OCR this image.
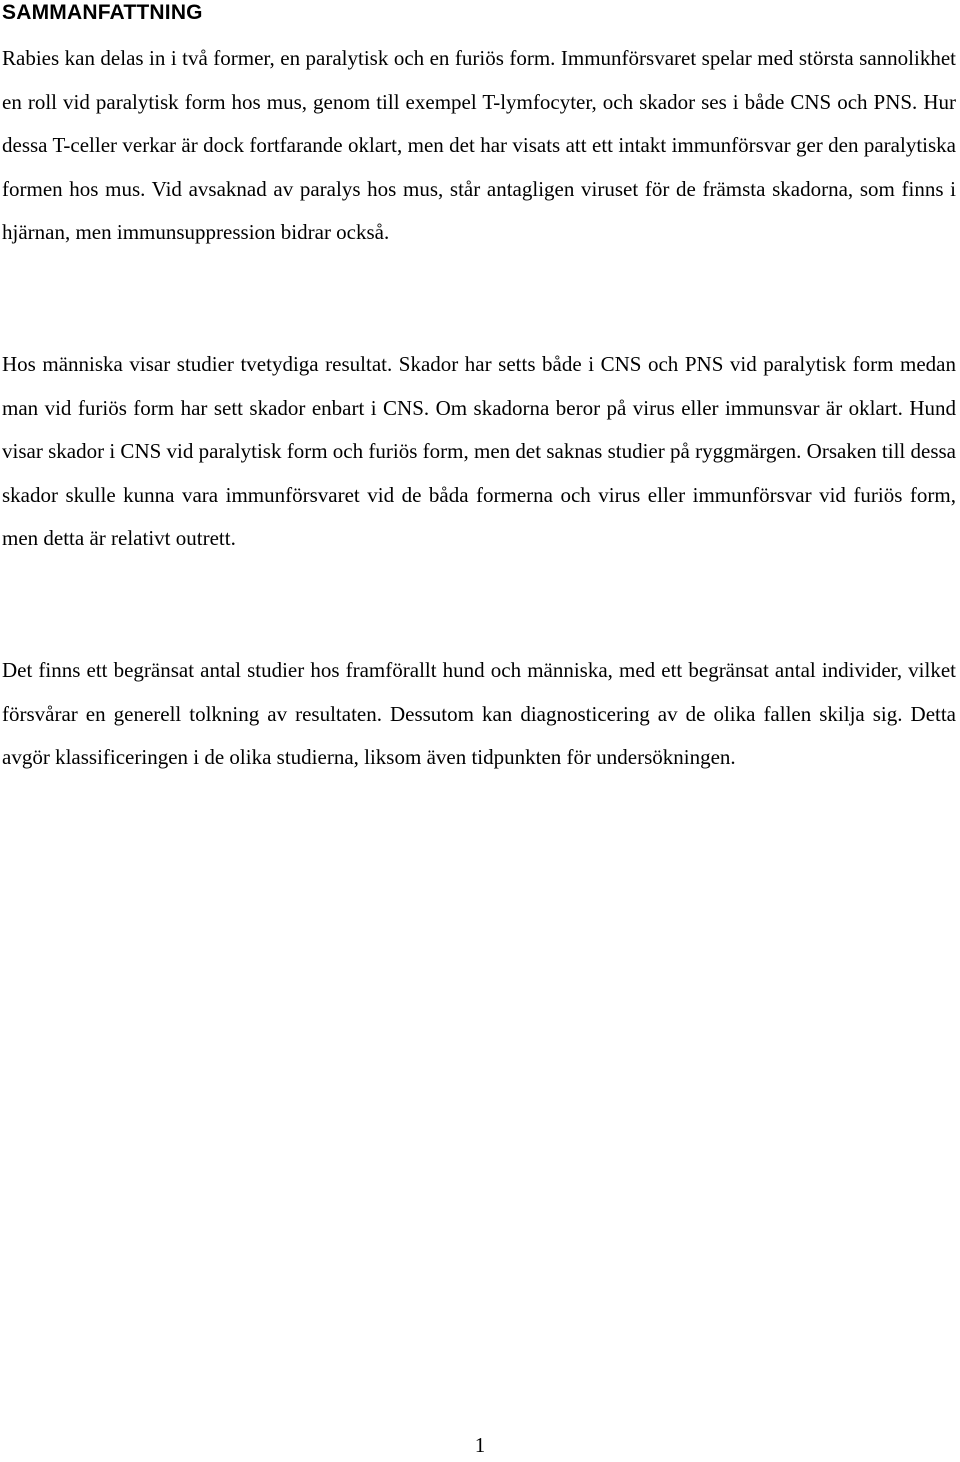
SAMMANFATTNING

Rabies kan delas in i två former, en paralytisk och en furiös form. Immunförsvaret spelar med största sannolikhet en roll vid paralytisk form hos mus, genom till exempel T-lymfocyter, och skador ses i både CNS och PNS. Hur dessa T-celler verkar är dock fortfarande oklart, men det har visats att ett intakt immunförsvar ger den paralytiska formen hos mus. Vid avsaknad av paralys hos mus, står antagligen viruset för de främsta skadorna, som finns i hjärnan, men immunsuppression bidrar också.

Hos människa visar studier tvetydiga resultat. Skador har setts både i CNS och PNS vid paralytisk form medan man vid furiös form har sett skador enbart i CNS. Om skadorna beror på virus eller immunsvar är oklart. Hund visar skador i CNS vid paralytisk form och furiös form, men det saknas studier på ryggmärgen. Orsaken till dessa skador skulle kunna vara immunförsvaret vid de båda formerna och virus eller immunförsvar vid furiös form, men detta är relativt outrett.

Det finns ett begränsat antal studier hos framförallt hund och människa, med ett begränsat antal individer, vilket försvårar en generell tolkning av resultaten. Dessutom kan diagnosticering av de olika fallen skilja sig. Detta avgör klassificeringen i de olika studierna, liksom även tidpunkten för undersökningen.

1
